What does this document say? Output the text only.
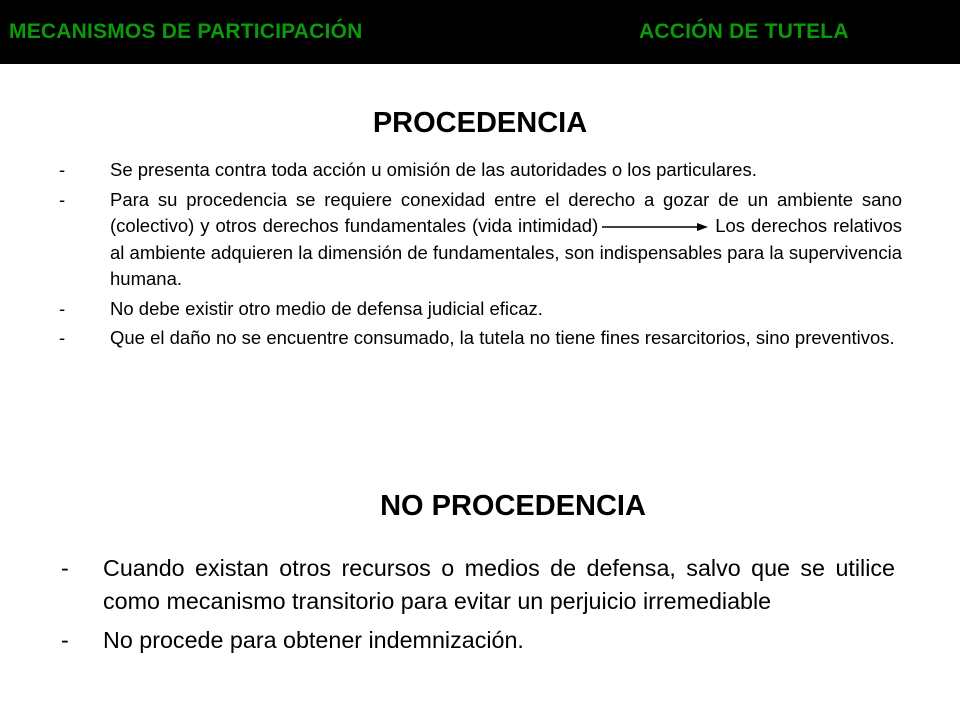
MECANISMOS DE PARTICIPACIÓN	ACCIÓN DE TUTELA
PROCEDENCIA
- Se presenta contra toda acción u omisión de las autoridades o los particulares.
- Para su procedencia se requiere conexidad entre el derecho a gozar de un ambiente sano (colectivo) y otros derechos fundamentales (vida intimidad)	Los derechos relativos al ambiente adquieren la dimensión de fundamentales, son indispensables para la supervivencia humana.
- No debe existir otro medio de defensa judicial eficaz.
- Que el daño no se encuentre consumado, la tutela no tiene fines resarcitorios, sino preventivos.
NO PROCEDENCIA
- Cuando existan otros recursos o medios de defensa, salvo que se utilice como mecanismo transitorio para evitar un perjuicio irremediable
- No procede para obtener indemnización.
